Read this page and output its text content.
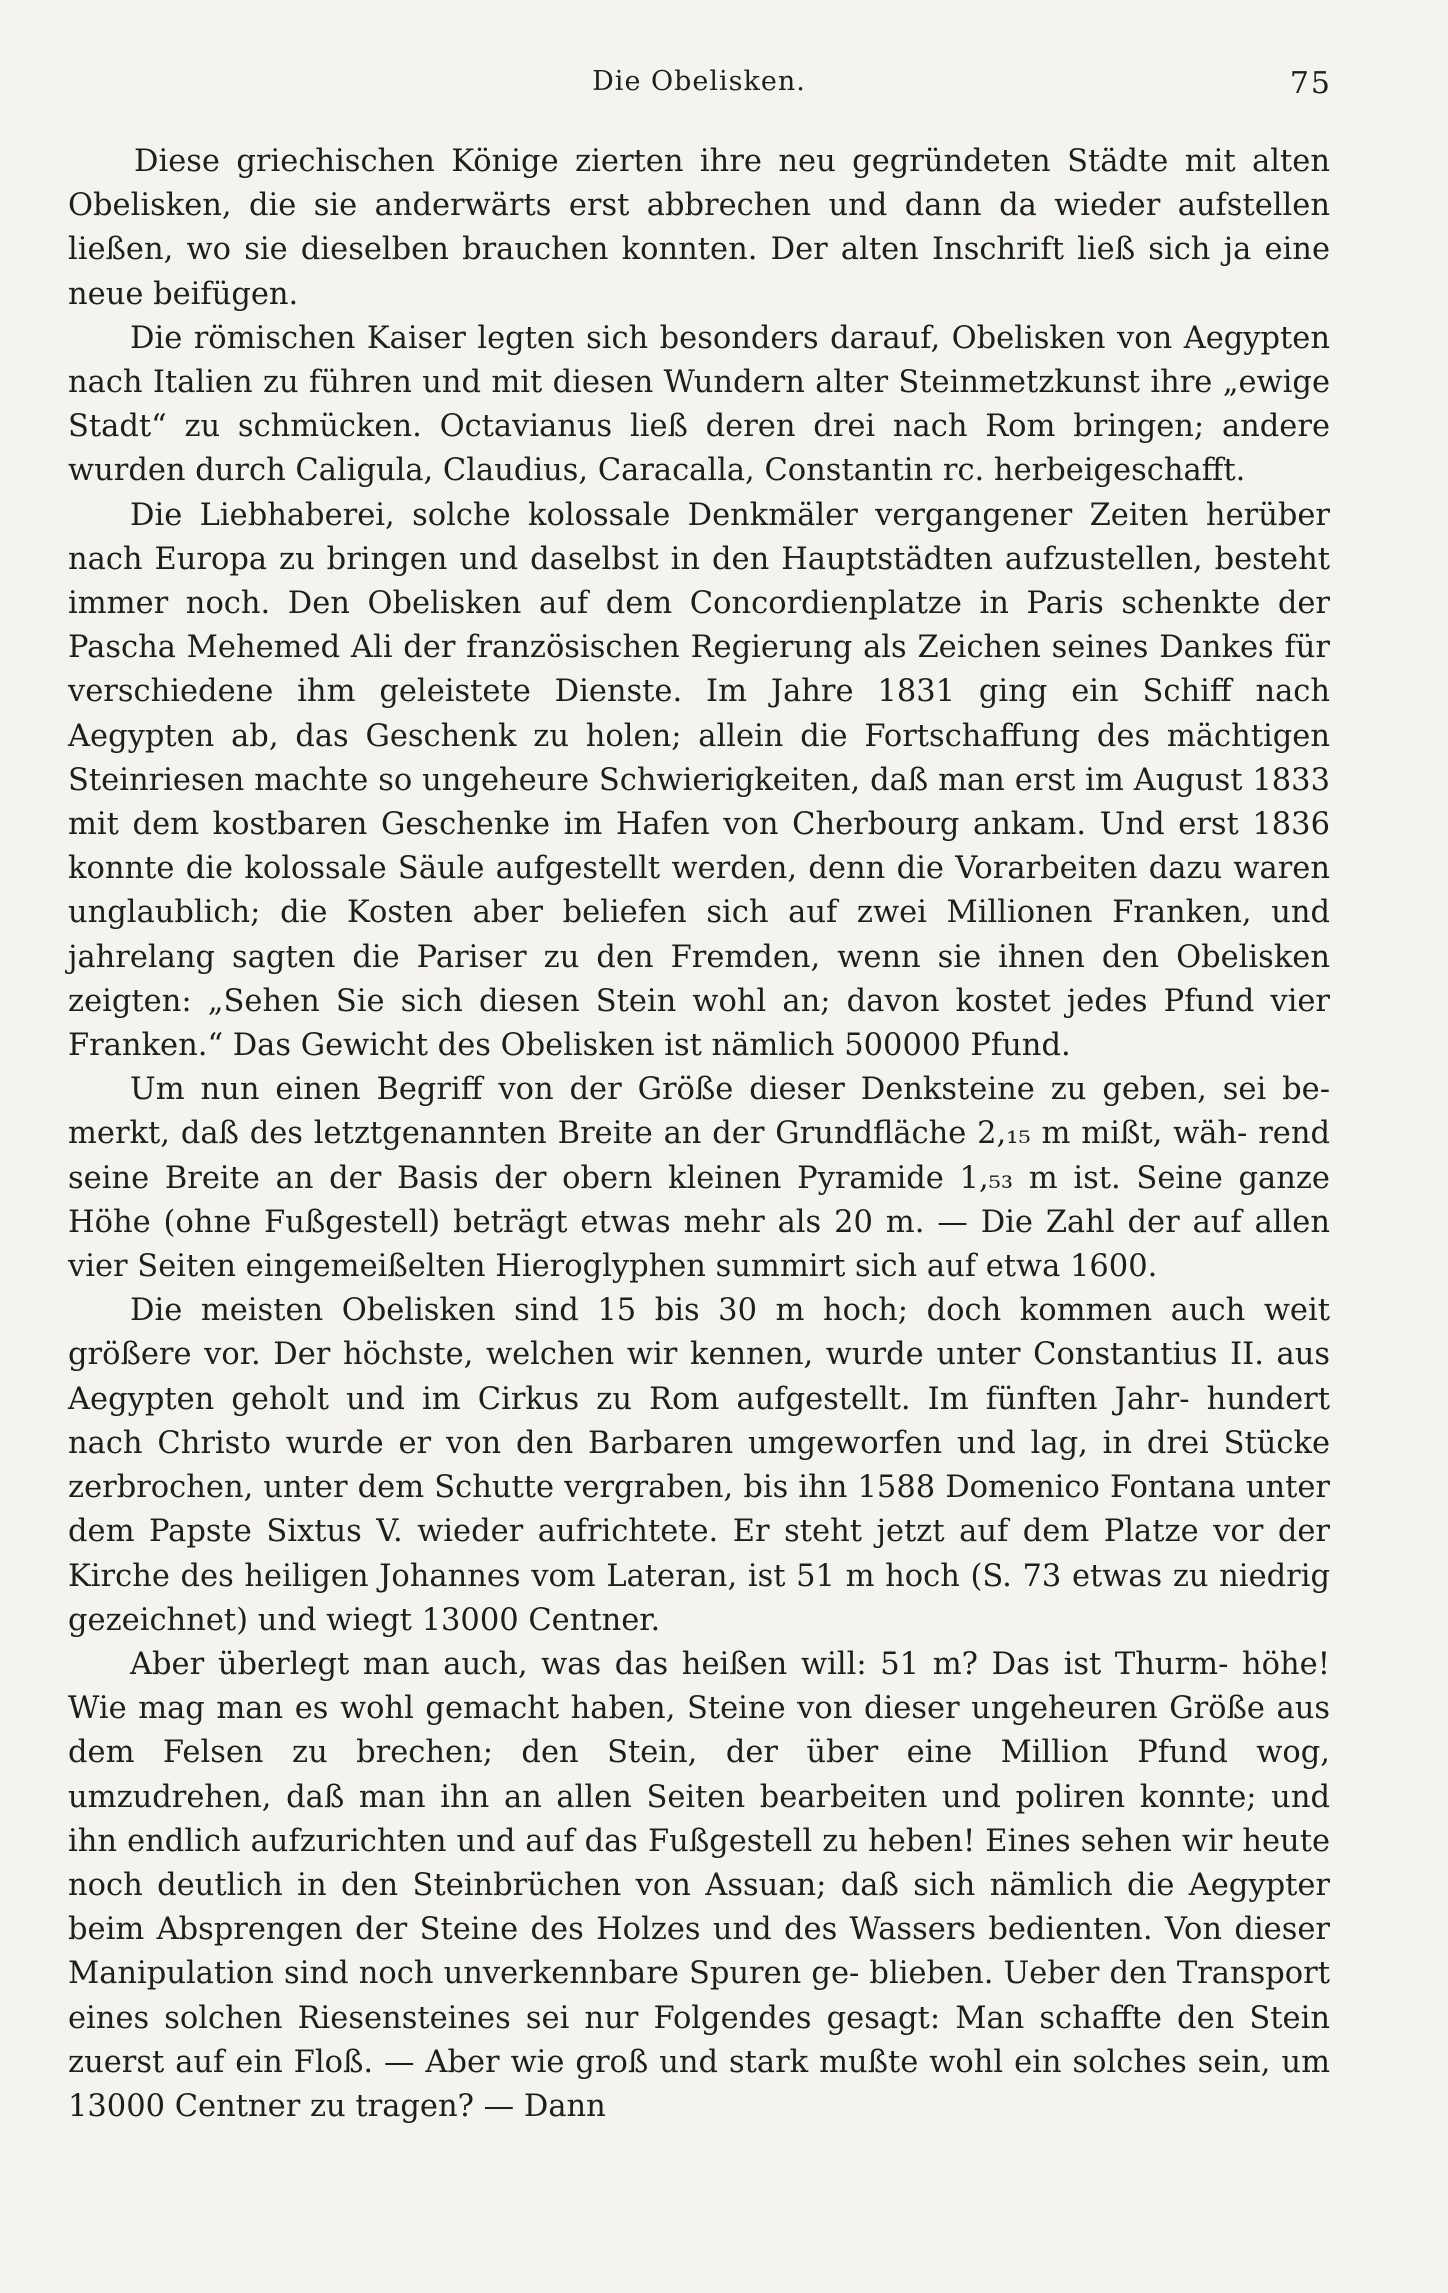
Die Obelisken.	75

Diese griechischen Könige zierten ihre neu gegründeten Städte mit alten Obelisken, die sie anderwärts erst abbrechen und dann da wieder aufstellen ließen, wo sie dieselben brauchen konnten. Der alten Inschrift ließ sich ja eine neue beifügen.

Die römischen Kaiser legten sich besonders darauf, Obelisken von Aegypten nach Italien zu führen und mit diesen Wundern alter Steinmetzkunst ihre „ewige Stadt“ zu schmücken. Octavianus ließ deren drei nach Rom bringen; andere wurden durch Caligula, Claudius, Caracalla, Constantin rc. herbeigeschafft.

Die Liebhaberei, solche kolossale Denkmäler vergangener Zeiten herüber nach Europa zu bringen und daselbst in den Hauptstädten aufzustellen, besteht immer noch. Den Obelisken auf dem Concordienplatze in Paris schenkte der Pascha Mehemed Ali der französischen Regierung als Zeichen seines Dankes für verschiedene ihm geleistete Dienste. Im Jahre 1831 ging ein Schiff nach Aegypten ab, das Geschenk zu holen; allein die Fortschaffung des mächtigen Steinriesen machte so ungeheure Schwierigkeiten, daß man erst im August 1833 mit dem kostbaren Geschenke im Hafen von Cherbourg ankam. Und erst 1836 konnte die kolossale Säule aufgestellt werden, denn die Vorarbeiten dazu waren unglaublich; die Kosten aber beliefen sich auf zwei Millionen Franken, und jahrelang sagten die Pariser zu den Fremden, wenn sie ihnen den Obelisken zeigten: „Sehen Sie sich diesen Stein wohl an; davon kostet jedes Pfund vier Franken.“ Das Gewicht des Obelisken ist nämlich 500000 Pfund.

Um nun einen Begriff von der Größe dieser Denksteine zu geben, sei be- merkt, daß des letztgenannten Breite an der Grundfläche 2,₁₅ m mißt, wäh- rend seine Breite an der Basis der obern kleinen Pyramide 1,₅₃ m ist. Seine ganze Höhe (ohne Fußgestell) beträgt etwas mehr als 20 m. — Die Zahl der auf allen vier Seiten eingemeißelten Hieroglyphen summirt sich auf etwa 1600.

Die meisten Obelisken sind 15 bis 30 m hoch; doch kommen auch weit größere vor. Der höchste, welchen wir kennen, wurde unter Constantius II. aus Aegypten geholt und im Cirkus zu Rom aufgestellt. Im fünften Jahr- hundert nach Christo wurde er von den Barbaren umgeworfen und lag, in drei Stücke zerbrochen, unter dem Schutte vergraben, bis ihn 1588 Domenico Fontana unter dem Papste Sixtus V. wieder aufrichtete. Er steht jetzt auf dem Platze vor der Kirche des heiligen Johannes vom Lateran, ist 51 m hoch (S. 73 etwas zu niedrig gezeichnet) und wiegt 13000 Centner.

Aber überlegt man auch, was das heißen will: 51 m? Das ist Thurm- höhe! Wie mag man es wohl gemacht haben, Steine von dieser ungeheuren Größe aus dem Felsen zu brechen; den Stein, der über eine Million Pfund wog, umzudrehen, daß man ihn an allen Seiten bearbeiten und poliren konnte; und ihn endlich aufzurichten und auf das Fußgestell zu heben! Eines sehen wir heute noch deutlich in den Steinbrüchen von Assuan; daß sich nämlich die Aegypter beim Absprengen der Steine des Holzes und des Wassers bedienten. Von dieser Manipulation sind noch unverkennbare Spuren ge- blieben. Ueber den Transport eines solchen Riesensteines sei nur Folgendes gesagt: Man schaffte den Stein zuerst auf ein Floß. — Aber wie groß und stark mußte wohl ein solches sein, um 13000 Centner zu tragen? — Dann
